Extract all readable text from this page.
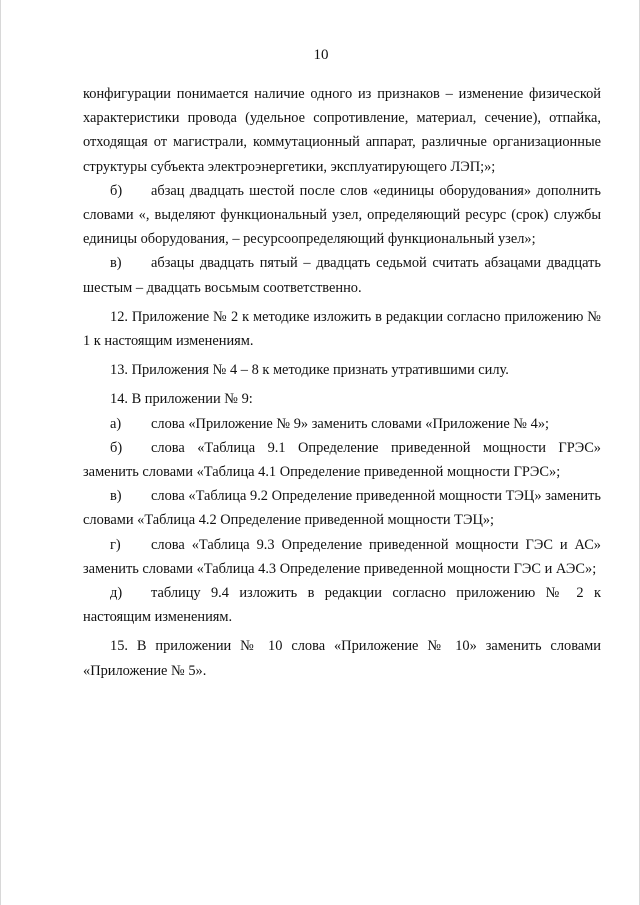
10

конфигурации понимается наличие одного из признаков – изменение физической характеристики провода (удельное сопротивление, материал, сечение), отпайка, отходящая от магистрали, коммутационный аппарат, различные организационные структуры субъекта электроэнергетики, эксплуатирующего ЛЭП;»;

б) абзац двадцать шестой после слов «единицы оборудования» дополнить словами «, выделяют функциональный узел, определяющий ресурс (срок) службы единицы оборудования, – ресурсоопределяющий функциональный узел»;

в) абзацы двадцать пятый – двадцать седьмой считать абзацами двадцать шестым – двадцать восьмым соответственно.

12. Приложение № 2 к методике изложить в редакции согласно приложению № 1 к настоящим изменениям.

13. Приложения № 4 – 8 к методике признать утратившими силу.

14. В приложении № 9:

а) слова «Приложение № 9» заменить словами «Приложение № 4»;

б) слова «Таблица 9.1 Определение приведенной мощности ГРЭС» заменить словами «Таблица 4.1 Определение приведенной мощности ГРЭС»;

в) слова «Таблица 9.2 Определение приведенной мощности ТЭЦ» заменить словами «Таблица 4.2 Определение приведенной мощности ТЭЦ»;

г) слова «Таблица 9.3 Определение приведенной мощности ГЭС и АС» заменить словами «Таблица 4.3 Определение приведенной мощности ГЭС и АЭС»;

д) таблицу 9.4 изложить в редакции согласно приложению № 2 к настоящим изменениям.

15. В приложении № 10 слова «Приложение № 10» заменить словами «Приложение № 5».
